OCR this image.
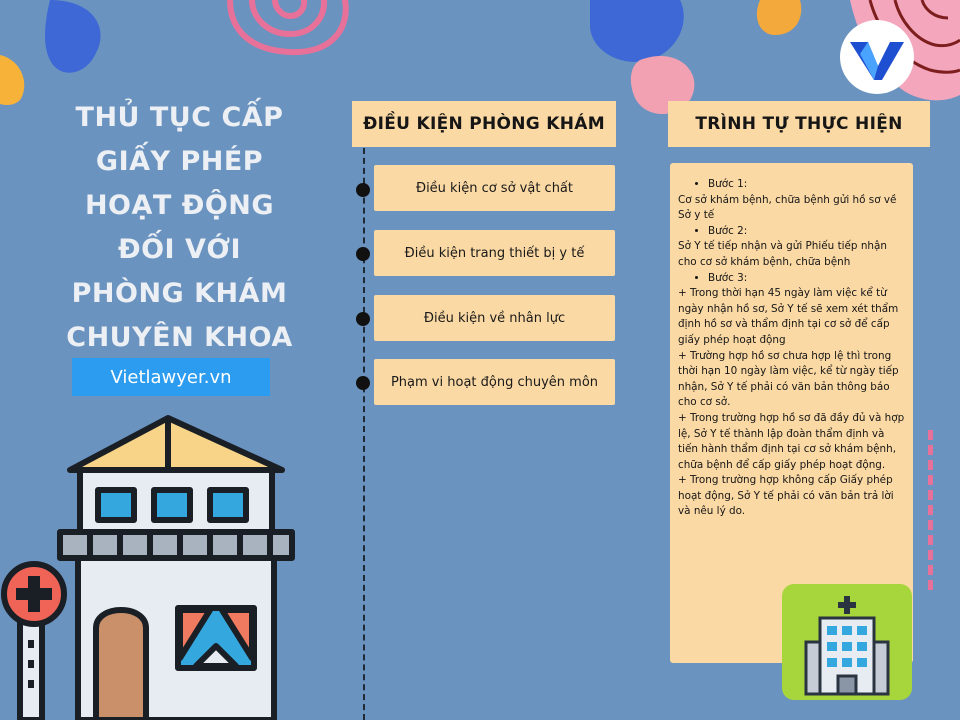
THỦ TỤC CẤP
GIẤY PHÉP
HOẠT ĐỘNG
ĐỐI VỚI
PHÒNG KHÁM
CHUYÊN KHOA
Vietlawyer.vn
ĐIỀU KIỆN PHÒNG KHÁM
Điều kiện cơ sở vật chất
Điều kiện trang thiết bị y tế
Điều kiện về nhân lực
Phạm vi hoạt động chuyên môn
TRÌNH TỰ THỰC HIỆN
• Bước 1:

Cơ sở khám bệnh, chữa bệnh gửi hồ sơ về Sở y tế

• Bước 2:

Sở Y tế tiếp nhận và gửi Phiếu tiếp nhận cho cơ sở khám bệnh, chữa bệnh

• Bước 3:

+ Trong thời hạn 45 ngày làm việc kể từ ngày nhận hồ sơ, Sở Y tế sẽ xem xét thẩm định hồ sơ và thẩm định tại cơ sở để cấp giấy phép hoạt động

+ Trường hợp hồ sơ chưa hợp lệ thì trong thời hạn 10 ngày làm việc, kể từ ngày tiếp nhận, Sở Y tế phải có văn bản thông báo cho cơ sở.

+ Trong trường hợp hồ sơ đã đầy đủ và hợp lệ, Sở Y tế thành lập đoàn thẩm định và tiến hành thẩm định tại cơ sở khám bệnh, chữa bệnh để cấp giấy phép hoạt động.

+ Trong trường hợp không cấp Giấy phép hoạt động, Sở Y tế phải có văn bản trả lời và nêu lý do.
